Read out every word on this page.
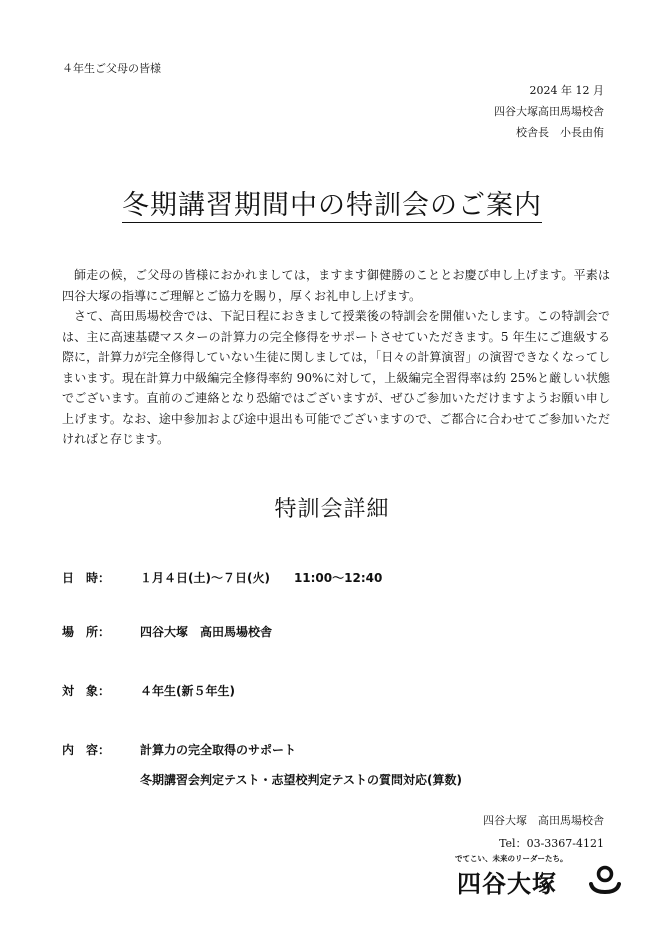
４年生ご父母の皆様
2024 年 12 月
四谷大塚高田馬場校舎
校舎長　小長由侑
冬期講習期間中の特訓会のご案内

師走の候，ご父母の皆様におかれましては，ますます御健勝のこととお慶び申し上げます。平素は四谷大塚の指導にご理解とご協力を賜り，厚くお礼申し上げます。

さて、高田馬場校舎では、下記日程におきまして授業後の特訓会を開催いたします。この特訓会では、主に高速基礎マスターの計算力の完全修得をサポートさせていただきます。5 年生にご進級する際に，計算力が完全修得していない生徒に関しましては，「日々の計算演習」の演習できなくなってしまいます。現在計算力中級編完全修得率約 90%に対して，上級編完全習得率は約 25%と厳しい状態でございます。直前のご連絡となり恐縮ではございますが、ぜひご参加いただけますようお願い申し上げます。なお、途中参加および途中退出も可能でございますので、ご都合に合わせてご参加いただければと存じます。

特訓会詳細
日　時： １月４日(土)～７日(火)　　11:00～12:40
場　所： 四谷大塚　高田馬場校舎
対　象： ４年生(新５年生)
内　容： 計算力の完全取得のサポート
冬期講習会判定テスト・志望校判定テストの質問対応(算数)
四谷大塚　高田馬場校舎
Tel：03-3367-4121
でてこい、未来のリーダーたち。
四谷大塚
